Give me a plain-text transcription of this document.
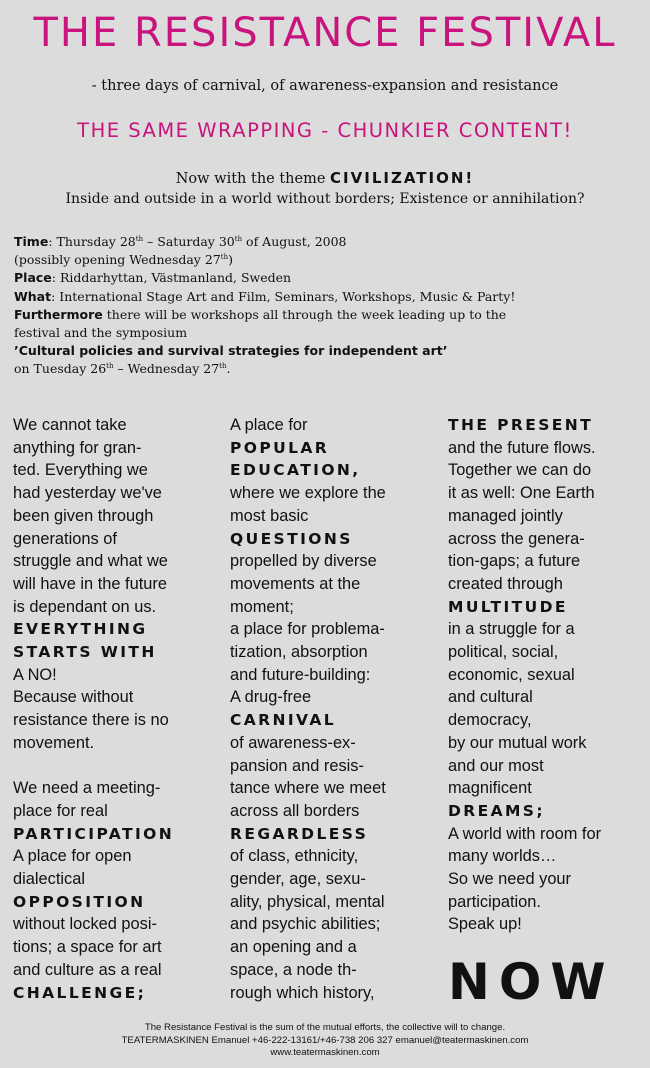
THE RESISTANCE FESTIVAL
- three days of carnival, of awareness-expansion and resistance
THE SAME WRAPPING - CHUNKIER CONTENT!
Now with the theme CIVILIZATION!
Inside and outside in a world without borders; Existence or annihilation?
Time: Thursday 28th – Saturday 30th of August, 2008
(possibly opening Wednesday 27th)
Place: Riddarhyttan, Västmanland, Sweden
What: International Stage Art and Film, Seminars, Workshops, Music & Party!
Furthermore there will be workshops all through the week leading up to the
festival and the symposium
’Cultural policies and survival strategies for independent art’
on Tuesday 26th – Wednesday 27th.
We cannot take
anything for gran-
ted. Everything we
had yesterday we've
been given through
generations of
struggle and what we
will have in the future
is dependant on us.
EVERYTHING
STARTS WITH
A NO!
Because without
resistance there is no
movement.
We need a meeting-
place for real
PARTICIPATION
A place for open
dialectical
OPPOSITION
without locked posi-
tions; a space for art
and culture as a real
CHALLENGE;
A place for
POPULAR
EDUCATION,
where we explore the
most basic
QUESTIONS
propelled by diverse
movements at the
moment;
a place for problema-
tization, absorption
and future-building:
A drug-free
CARNIVAL
of awareness-ex-
pansion and resis-
tance where we meet
across all borders
REGARDLESS
of class, ethnicity,
gender, age, sexu-
ality, physical, mental
and psychic abilities;
an opening and a
space, a node th-
rough which history,
THE PRESENT
and the future flows.
Together we can do
it as well: One Earth
managed jointly
across the genera-
tion-gaps; a future
created through
MULTITUDE
in a struggle for a
political, social,
economic, sexual
and cultural
democracy,
by our mutual work
and our most
magnificent
DREAMS;
A world with room for
many worlds…
So we need your
participation.
Speak up!
NOW
The Resistance Festival is the sum of the mutual efforts, the collective will to change.
TEATERMASKINEN Emanuel +46-222-13161/+46-738 206 327 emanuel@teatermaskinen.com
www.teatermaskinen.com
